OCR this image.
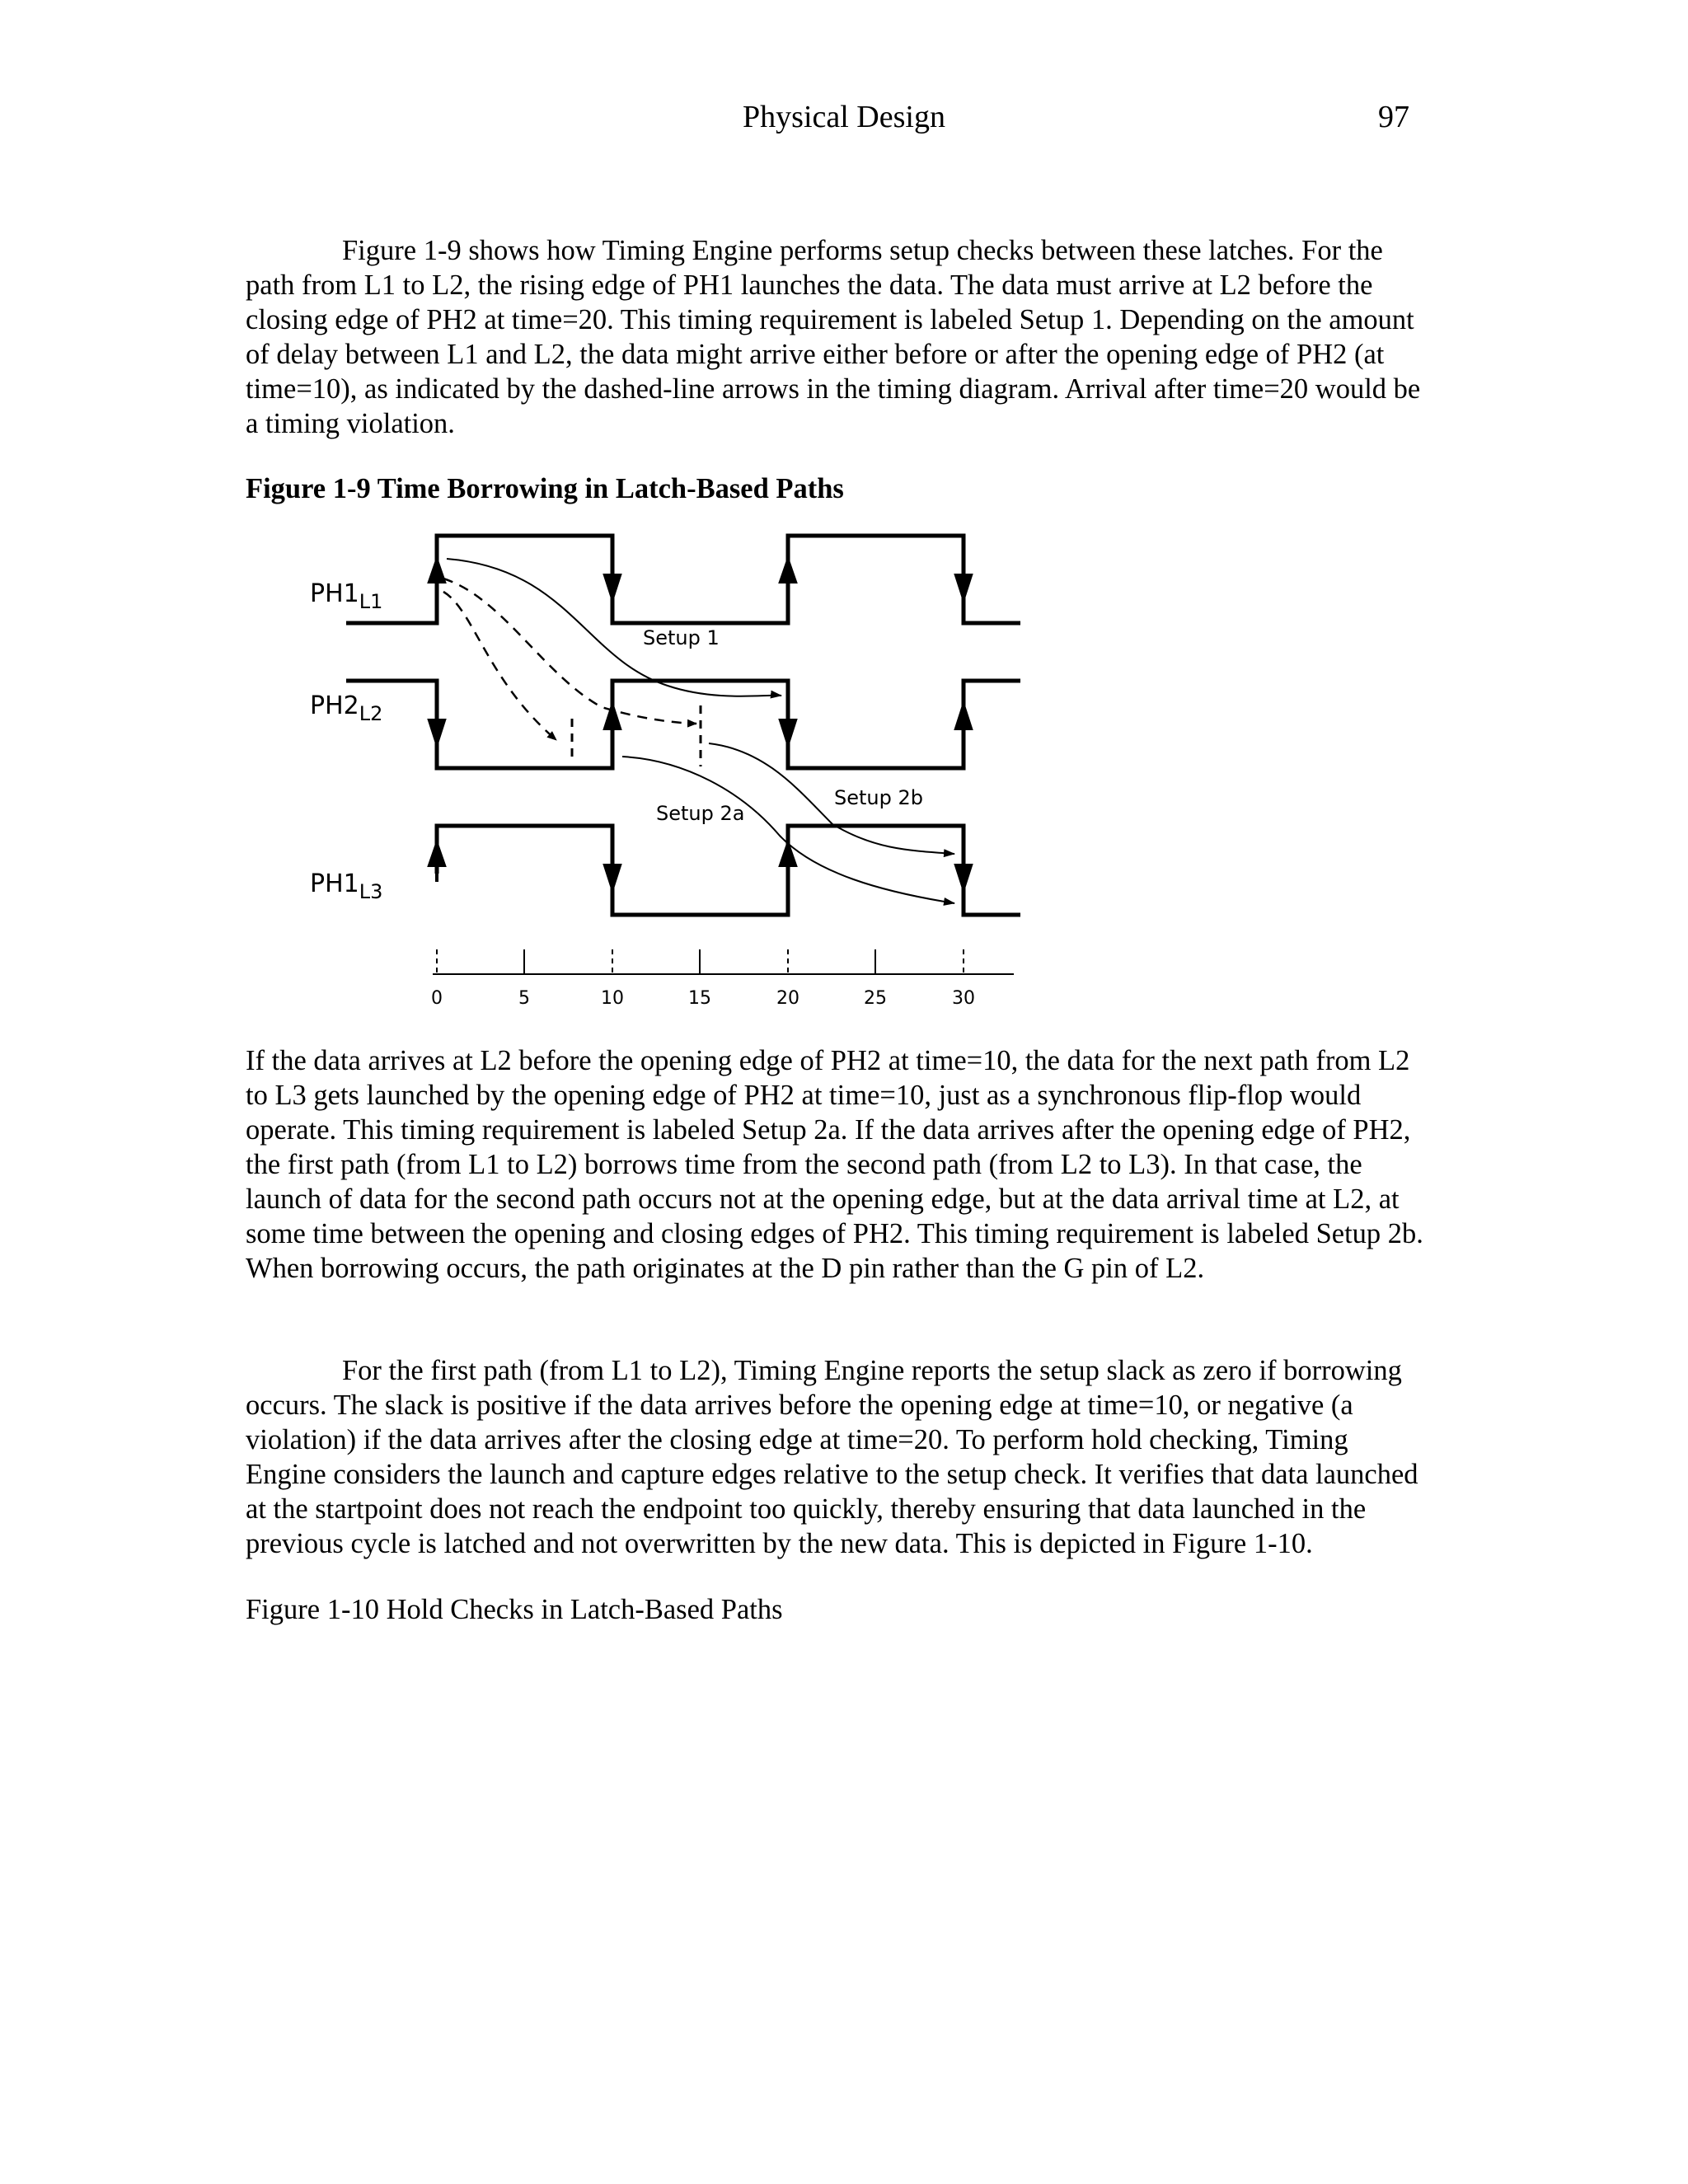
Physical Design	97

Figure 1-9 shows how Timing Engine performs setup checks between these latches. For the path from L1 to L2, the rising edge of PH1 launches the data. The data must arrive at L2 before the closing edge of PH2 at time=20. This timing requirement is labeled Setup 1. Depending on the amount of delay between L1 and L2, the data might arrive either before or after the opening edge of PH2 (at time=10), as indicated by the dashed-line arrows in the timing diagram. Arrival after time=20 would be a timing violation.

Figure 1-9 Time Borrowing in Latch-Based Paths

$PH1_{L1}$
$PH2_{L2}$
$PH1_{L3}$
Setup 1
Setup 2a
Setup 2b
0	5	10	15	20	25	30

If the data arrives at L2 before the opening edge of PH2 at time=10, the data for the next path from L2 to L3 gets launched by the opening edge of PH2 at time=10, just as a synchronous flip-flop would operate. This timing requirement is labeled Setup 2a. If the data arrives after the opening edge of PH2, the first path (from L1 to L2) borrows time from the second path (from L2 to L3). In that case, the launch of data for the second path occurs not at the opening edge, but at the data arrival time at L2, at some time between the opening and closing edges of PH2. This timing requirement is labeled Setup 2b. When borrowing occurs, the path originates at the D pin rather than the G pin of L2.

For the first path (from L1 to L2), Timing Engine reports the setup slack as zero if borrowing occurs. The slack is positive if the data arrives before the opening edge at time=10, or negative (a violation) if the data arrives after the closing edge at time=20. To perform hold checking, Timing Engine considers the launch and capture edges relative to the setup check. It verifies that data launched at the startpoint does not reach the endpoint too quickly, thereby ensuring that data launched in the previous cycle is latched and not overwritten by the new data. This is depicted in Figure 1-10.

Figure 1-10 Hold Checks in Latch-Based Paths
